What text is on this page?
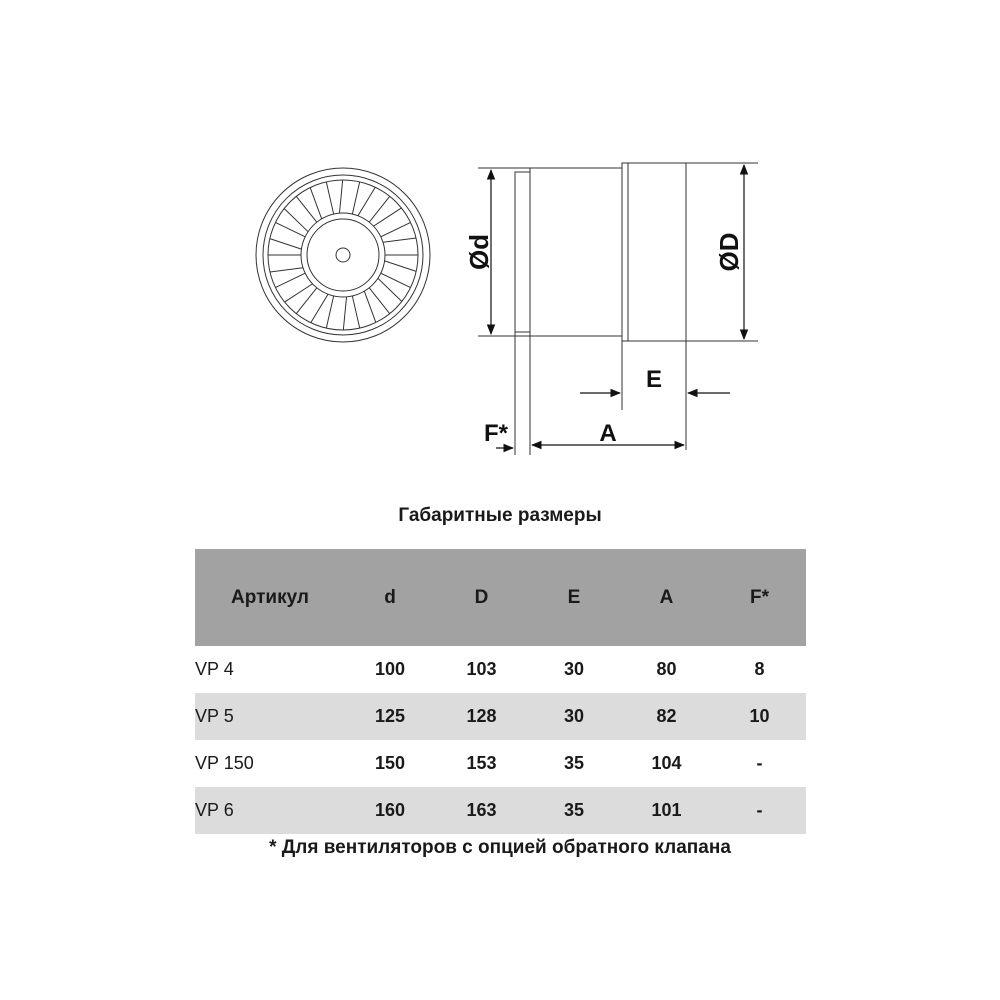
Ød	ØD
E
A
F*
Габаритные размеры
Артикул	d	D	E	A	F*
VP 4	100	103	30	80	8
VP 5	125	128	30	82	10
VP 150	150	153	35	104	-
VP 6	160	163	35	101	-
* Для вентиляторов с опцией обратного клапана
